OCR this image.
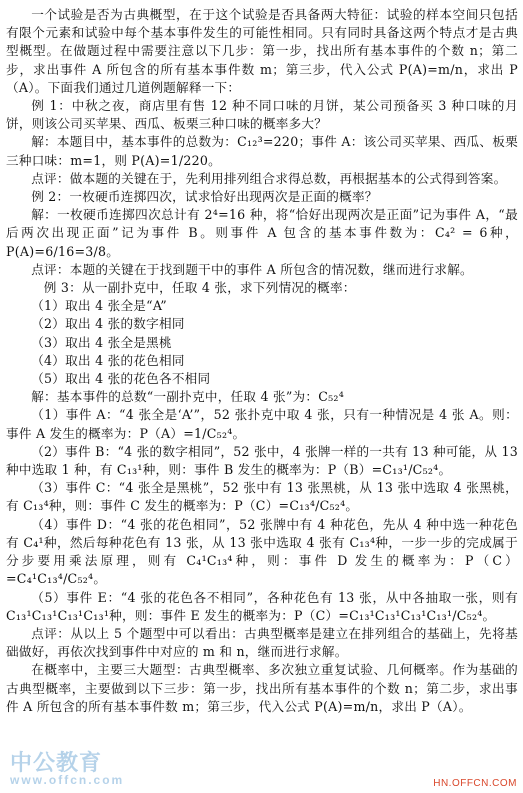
一个试验是否为古典概型，在于这个试验是否具备两大特征：试验的样本空间只包括有限个元素和试验中每个基本事件发生的可能性相同。只有同时具备这两个特点才是古典型概型。在做题过程中需要注意以下几步：第一步，找出所有基本事件的个数 n；第二步，求出事件 A 所包含的所有基本事件数 m；第三步，代入公式 P(A)=m/n，求出 P（A）。下面我们通过几道例题解释一下：

例 1：中秋之夜，商店里有售 12 种不同口味的月饼，某公司预备买 3 种口味的月饼，则该公司买苹果、西瓜、板栗三种口味的概率多大？

解：本题目中，基本事件的总数为：C₁₂³=220；事件 A：该公司买苹果、西瓜、板栗三种口味：m=1，则 P(A)=1/220。

点评：做本题的关键在于，先利用排列组合求得总数，再根据基本的公式得到答案。

例 2：一枚硬币连掷四次，试求恰好出现两次是正面的概率？

解：一枚硬币连掷四次总计有 2⁴=16 种，将“恰好出现两次是正面”记为事件 A，“最后两次出现正面”记为事件 B。则事件 A 包含的基本事件数为：C₄² = 6种，P(A)=6/16=3/8。

点评：本题的关键在于找到题干中的事件 A 所包含的情况数，继而进行求解。

例 3：从一副扑克中，任取 4 张，求下列情况的概率：

（1）取出 4 张全是“A”

（2）取出 4 张的数字相同

（3）取出 4 张全是黑桃

（4）取出 4 张的花色相同

（5）取出 4 张的花色各不相同

解：基本事件的总数“一副扑克中，任取 4 张”为：C₅₂⁴

（1）事件 A：“4 张全是‘A’”，52 张扑克中取 4 张，只有一种情况是 4 张 A。则：事件 A 发生的概率为：P（A）=1/C₅₂⁴。

（2）事件 B：“4 张的数字相同”，52 张中，4 张牌一样的一共有 13 种可能，从 13 种中选取 1 种，有 C₁₃¹种，则：事件 B 发生的概率为：P（B）=C₁₃¹/C₅₂⁴。

（3）事件 C：“4 张全是黑桃”，52 张中有 13 张黑桃，从 13 张中选取 4 张黑桃，有 C₁₃⁴种，则：事件 C 发生的概率为：P（C）=C₁₃⁴/C₅₂⁴。

（4）事件 D：“4 张的花色相同”，52 张牌中有 4 种花色，先从 4 种中选一种花色有 C₄¹种，然后每种花色有 13 张，从 13 张中选取 4 张有 C₁₃⁴种，一步一步的完成属于分步要用乘法原理，则有 C₄¹C₁₃⁴种，则：事件 D 发生的概率为：P（C）=C₄¹C₁₃⁴/C₅₂⁴。

（5）事件 E：“4 张的花色各不相同”，各种花色有 13 张，从中各抽取一张，则有 C₁₃¹C₁₃¹C₁₃¹C₁₃¹种，则：事件 E 发生的概率为：P（C）=C₁₃¹C₁₃¹C₁₃¹C₁₃¹/C₅₂⁴。

点评：从以上 5 个题型中可以看出：古典型概率是建立在排列组合的基础上，先将基础做好，再依次找到事件中对应的 m 和 n，继而进行求解。

在概率中，主要三大题型：古典型概率、多次独立重复试验、几何概率。作为基础的古典型概率，主要做到以下三步：第一步，找出所有基本事件的个数 n；第二步，求出事件 A 所包含的所有基本事件数 m；第三步，代入公式 P(A)=m/n，求出 P（A）。

中公教育
www.offcn.com	HN.OFFCN.COM
